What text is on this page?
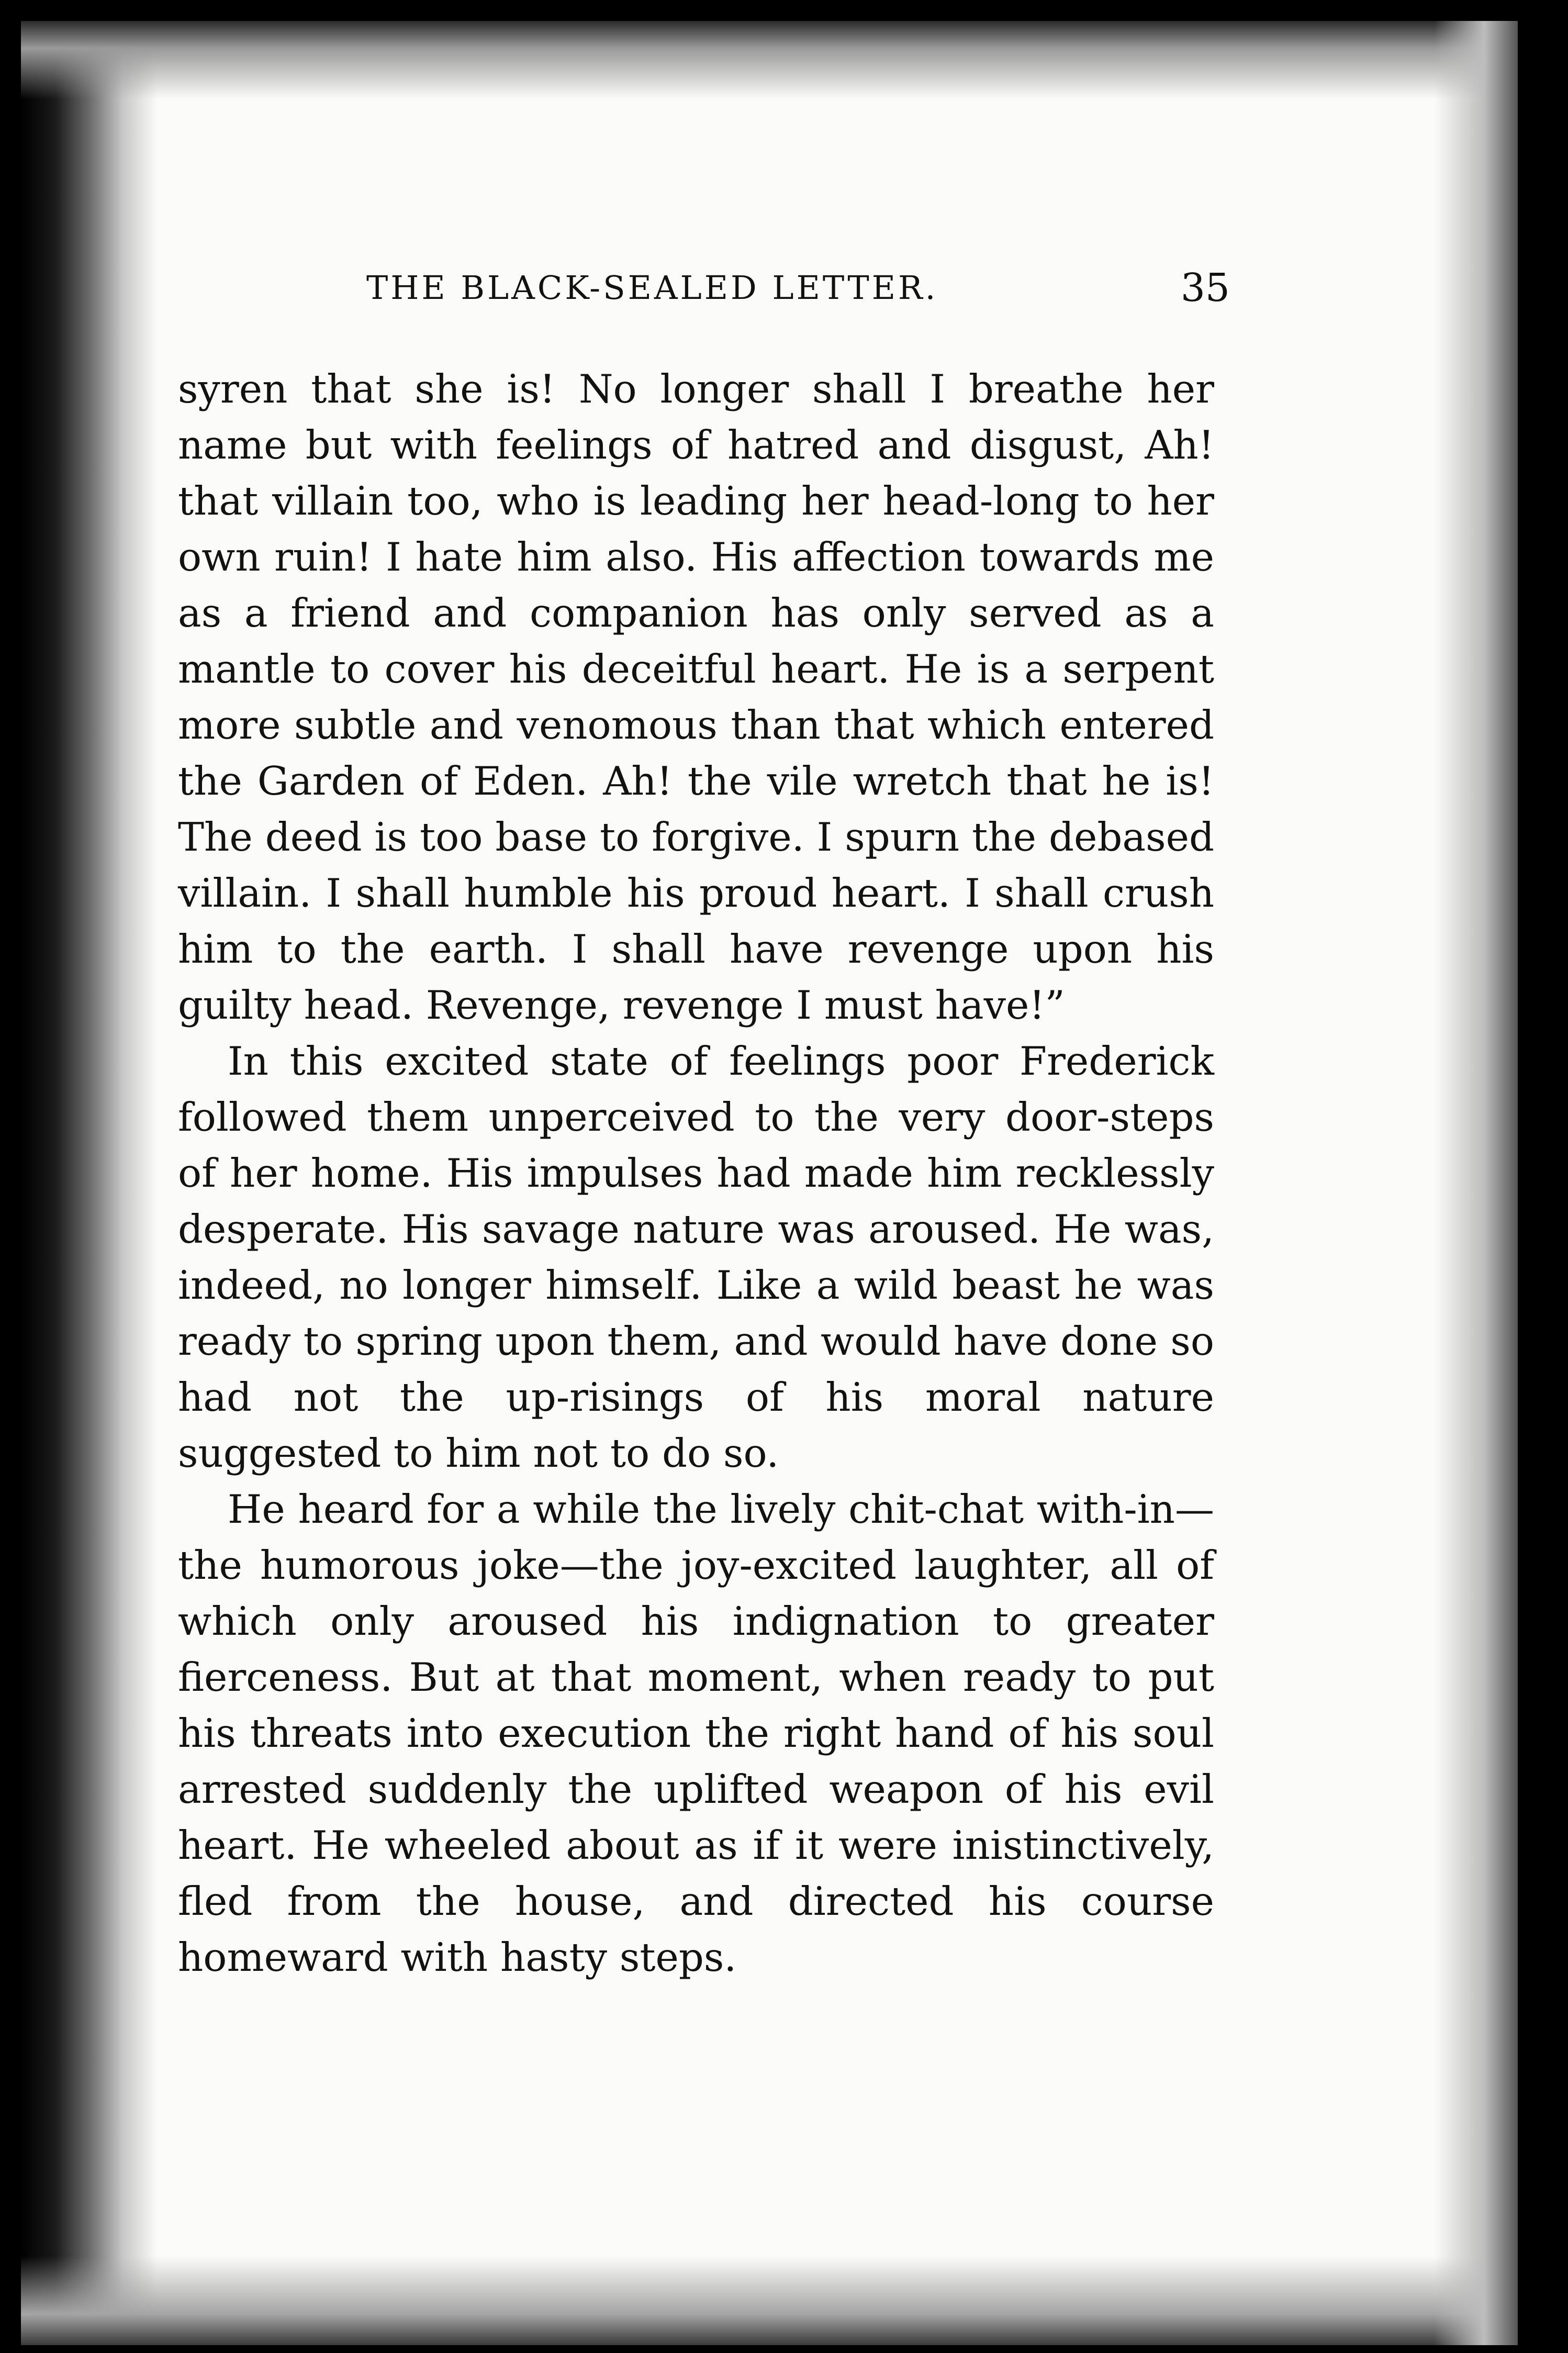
THE BLACK-SEALED LETTER.	35

syren that she is! No longer shall I breathe her name but with feelings of hatred and disgust, Ah! that villain too, who is leading her head-long to her own ruin! I hate him also. His affection towards me as a friend and companion has only served as a mantle to cover his deceitful heart. He is a serpent more subtle and venomous than that which entered the Garden of Eden. Ah! the vile wretch that he is! The deed is too base to forgive. I spurn the debased villain. I shall humble his proud heart. I shall crush him to the earth. I shall have revenge upon his guilty head. Revenge, revenge I must have!”

In this excited state of feelings poor Frederick followed them unperceived to the very door-steps of her home. His impulses had made him recklessly desperate. His savage nature was aroused. He was, indeed, no longer himself. Like a wild beast he was ready to spring upon them, and would have done so had not the up-risings of his moral nature suggested to him not to do so.

He heard for a while the lively chit-chat with-in—the humorous joke—the joy-excited laughter, all of which only aroused his indignation to greater fierceness. But at that moment, when ready to put his threats into execution the right hand of his soul arrested suddenly the uplifted weapon of his evil heart. He wheeled about as if it were inistinctively, fled from the house, and directed his course homeward with hasty steps.
